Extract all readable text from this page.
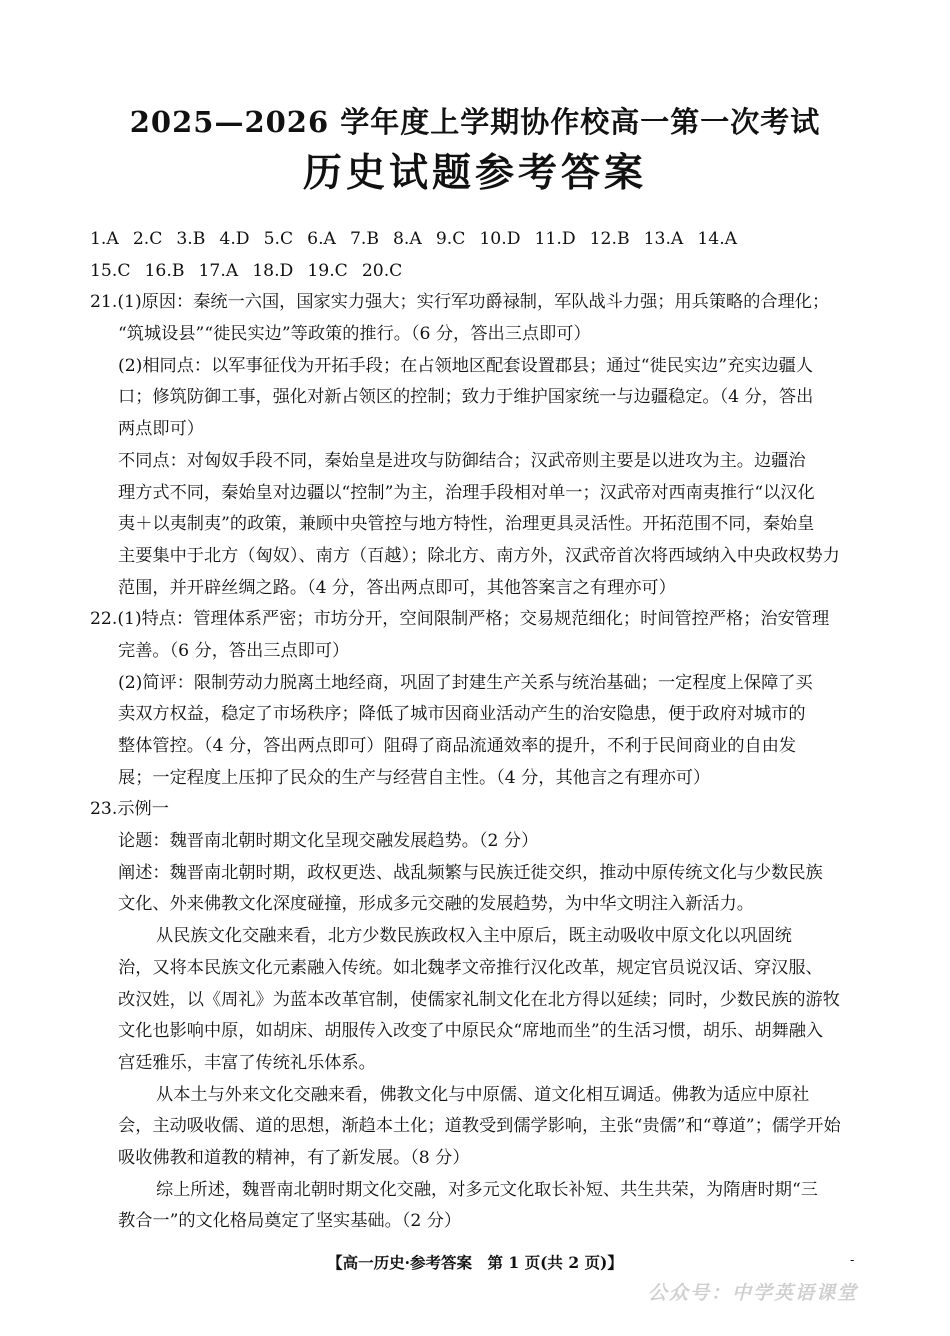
2025—2026 学年度上学期协作校高一第一次考试
历史试题参考答案
1.A 2.C 3.B 4.D 5.C 6.A 7.B 8.A 9.C 10.D 11.D 12.B 13.A 14.A
15.C 16.B 17.A 18.D 19.C 20.C
21.(1)原因：秦统一六国，国家实力强大；实行军功爵禄制，军队战斗力强；用兵策略的合理化；
“筑城设县”“徙民实边”等政策的推行。（6 分，答出三点即可）
(2)相同点：以军事征伐为开拓手段；在占领地区配套设置郡县；通过“徙民实边”充实边疆人
口；修筑防御工事，强化对新占领区的控制；致力于维护国家统一与边疆稳定。（4 分，答出
两点即可）
不同点：对匈奴手段不同，秦始皇是进攻与防御结合；汉武帝则主要是以进攻为主。边疆治
理方式不同，秦始皇对边疆以“控制”为主，治理手段相对单一；汉武帝对西南夷推行“以汉化
夷＋以夷制夷”的政策，兼顾中央管控与地方特性，治理更具灵活性。开拓范围不同，秦始皇
主要集中于北方（匈奴）、南方（百越）；除北方、南方外，汉武帝首次将西域纳入中央政权势力
范围，并开辟丝绸之路。（4 分，答出两点即可，其他答案言之有理亦可）
22.(1)特点：管理体系严密；市坊分开，空间限制严格；交易规范细化；时间管控严格；治安管理
完善。（6 分，答出三点即可）
(2)简评：限制劳动力脱离土地经商，巩固了封建生产关系与统治基础；一定程度上保障了买
卖双方权益，稳定了市场秩序；降低了城市因商业活动产生的治安隐患，便于政府对城市的
整体管控。（4 分，答出两点即可）阻碍了商品流通效率的提升，不利于民间商业的自由发
展；一定程度上压抑了民众的生产与经营自主性。（4 分，其他言之有理亦可）
23.示例一
论题：魏晋南北朝时期文化呈现交融发展趋势。（2 分）
阐述：魏晋南北朝时期，政权更迭、战乱频繁与民族迁徙交织，推动中原传统文化与少数民族
文化、外来佛教文化深度碰撞，形成多元交融的发展趋势，为中华文明注入新活力。
从民族文化交融来看，北方少数民族政权入主中原后，既主动吸收中原文化以巩固统
治，又将本民族文化元素融入传统。如北魏孝文帝推行汉化改革，规定官员说汉话、穿汉服、
改汉姓，以《周礼》为蓝本改革官制，使儒家礼制文化在北方得以延续；同时，少数民族的游牧
文化也影响中原，如胡床、胡服传入改变了中原民众“席地而坐”的生活习惯，胡乐、胡舞融入
宫廷雅乐，丰富了传统礼乐体系。
从本土与外来文化交融来看，佛教文化与中原儒、道文化相互调适。佛教为适应中原社
会，主动吸收儒、道的思想，渐趋本土化；道教受到儒学影响，主张“贵儒”和“尊道”；儒学开始
吸收佛教和道教的精神，有了新发展。（8 分）
综上所述，魏晋南北朝时期文化交融，对多元文化取长补短、共生共荣，为隋唐时期“三
教合一”的文化格局奠定了坚实基础。（2 分）
【高一历史·参考答案　第 1 页(共 2 页)】	-
公众号：中学英语课堂
